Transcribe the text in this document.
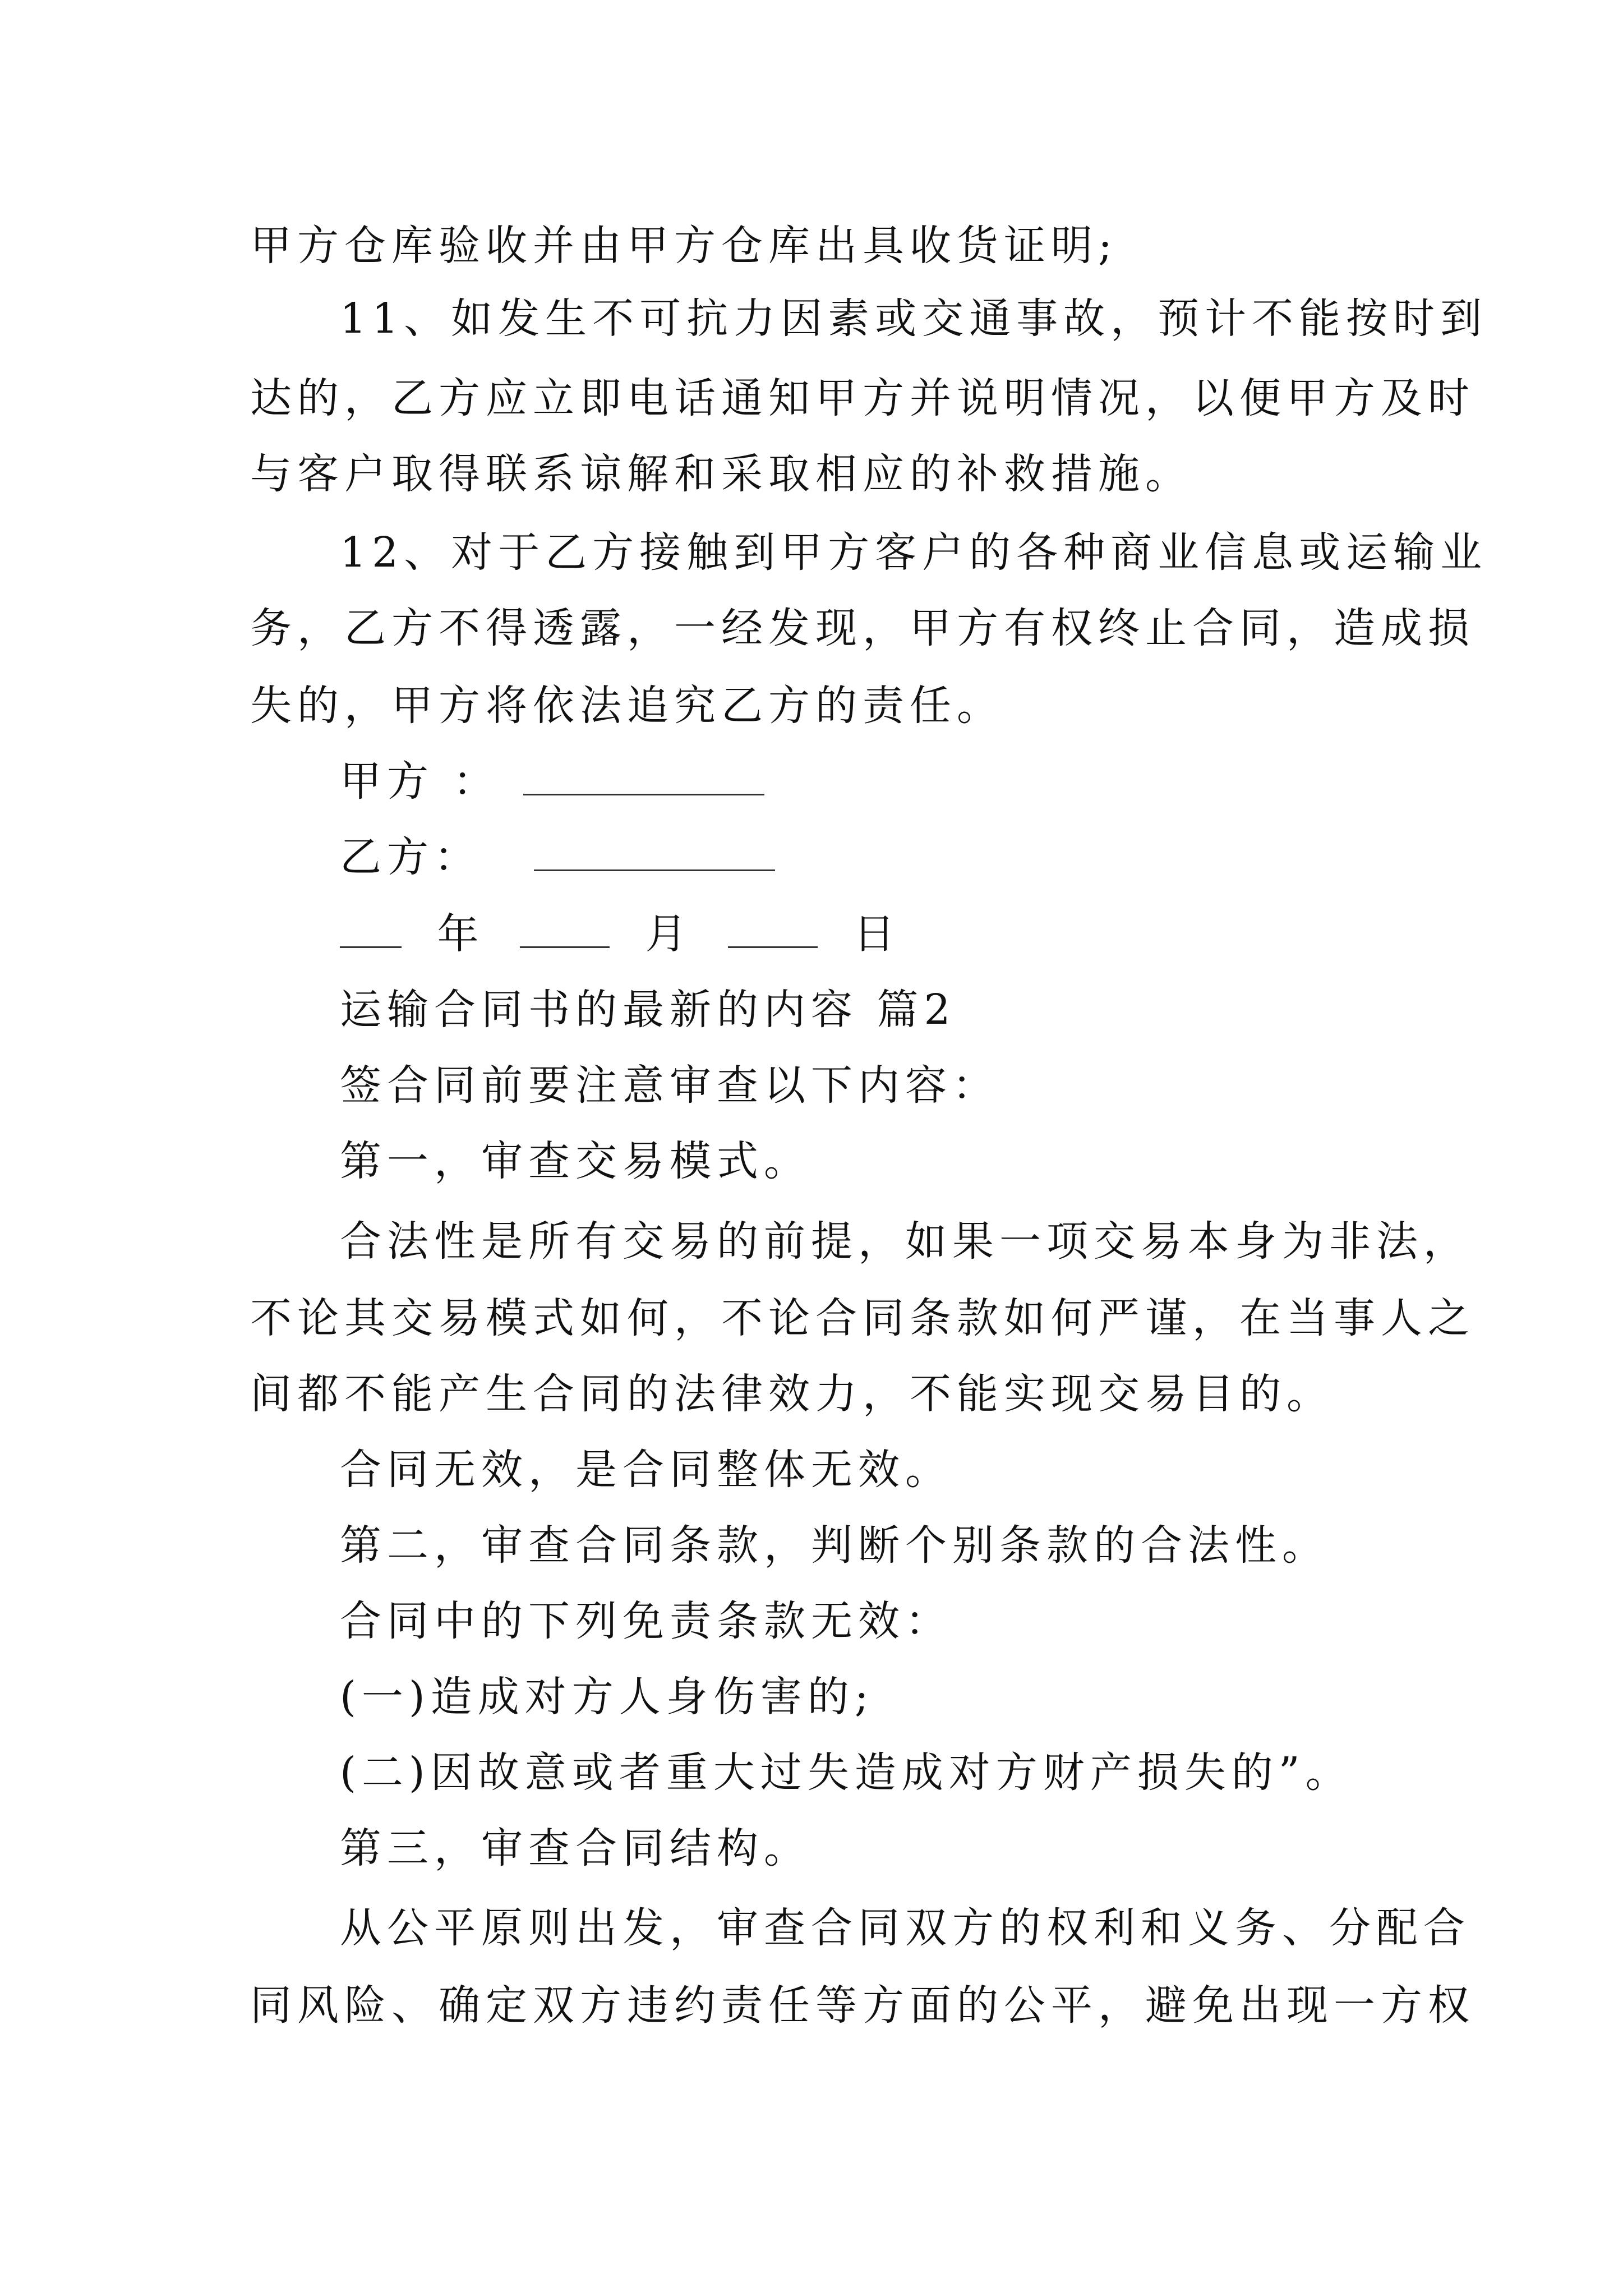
甲方仓库验收并由甲方仓库出具收货证明;
11、如发生不可抗力因素或交通事故，预计不能按时到
达的，乙方应立即电话通知甲方并说明情况，以便甲方及时
与客户取得联系谅解和采取相应的补救措施。
12、对于乙方接触到甲方客户的各种商业信息或运输业
务，乙方不得透露，一经发现，甲方有权终止合同，造成损
失的，甲方将依法追究乙方的责任。
甲方 ：
乙方：
年	月	日
运输合同书的最新的内容 篇2
签合同前要注意审查以下内容：
第一，审查交易模式。
合法性是所有交易的前提，如果一项交易本身为非法，
不论其交易模式如何，不论合同条款如何严谨，在当事人之
间都不能产生合同的法律效力，不能实现交易目的。
合同无效，是合同整体无效。
第二，审查合同条款，判断个别条款的合法性。
合同中的下列免责条款无效：
(一)造成对方人身伤害的;
(二)因故意或者重大过失造成对方财产损失的”。
第三，审查合同结构。
从公平原则出发，审查合同双方的权利和义务、分配合
同风险、确定双方违约责任等方面的公平，避免出现一方权
